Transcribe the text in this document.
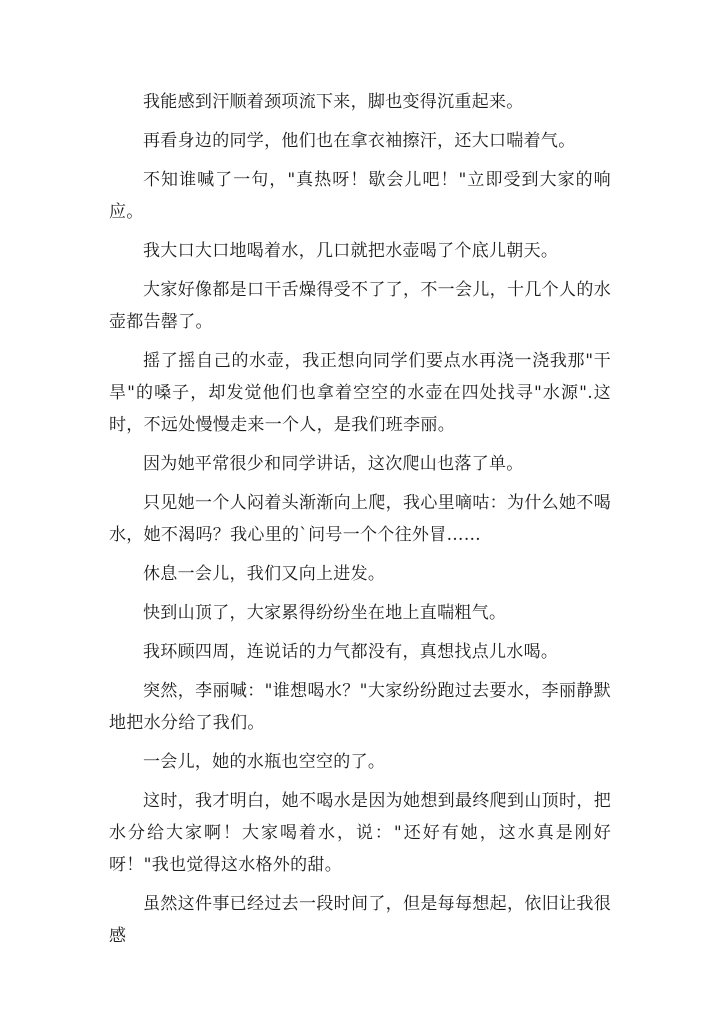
我能感到汗顺着颈项流下来，脚也变得沉重起来。

再看身边的同学，他们也在拿衣袖擦汗，还大口喘着气。

不知谁喊了一句，"真热呀！歇会儿吧！"立即受到大家的响应。

我大口大口地喝着水，几口就把水壶喝了个底儿朝天。

大家好像都是口干舌燥得受不了了，不一会儿，十几个人的水壶都告罄了。

摇了摇自己的水壶，我正想向同学们要点水再浇一浇我那"干旱"的嗓子，却发觉他们也拿着空空的水壶在四处找寻"水源".这时，不远处慢慢走来一个人，是我们班李丽。

因为她平常很少和同学讲话，这次爬山也落了单。

只见她一个人闷着头渐渐向上爬，我心里嘀咕：为什么她不喝水，她不渴吗？我心里的`问号一个个往外冒……

休息一会儿，我们又向上进发。

快到山顶了，大家累得纷纷坐在地上直喘粗气。

我环顾四周，连说话的力气都没有，真想找点儿水喝。

突然，李丽喊："谁想喝水？"大家纷纷跑过去要水，李丽静默地把水分给了我们。

一会儿，她的水瓶也空空的了。

这时，我才明白，她不喝水是因为她想到最终爬到山顶时，把水分给大家啊！大家喝着水，说："还好有她，这水真是刚好呀！"我也觉得这水格外的甜。

虽然这件事已经过去一段时间了，但是每每想起，依旧让我很感
